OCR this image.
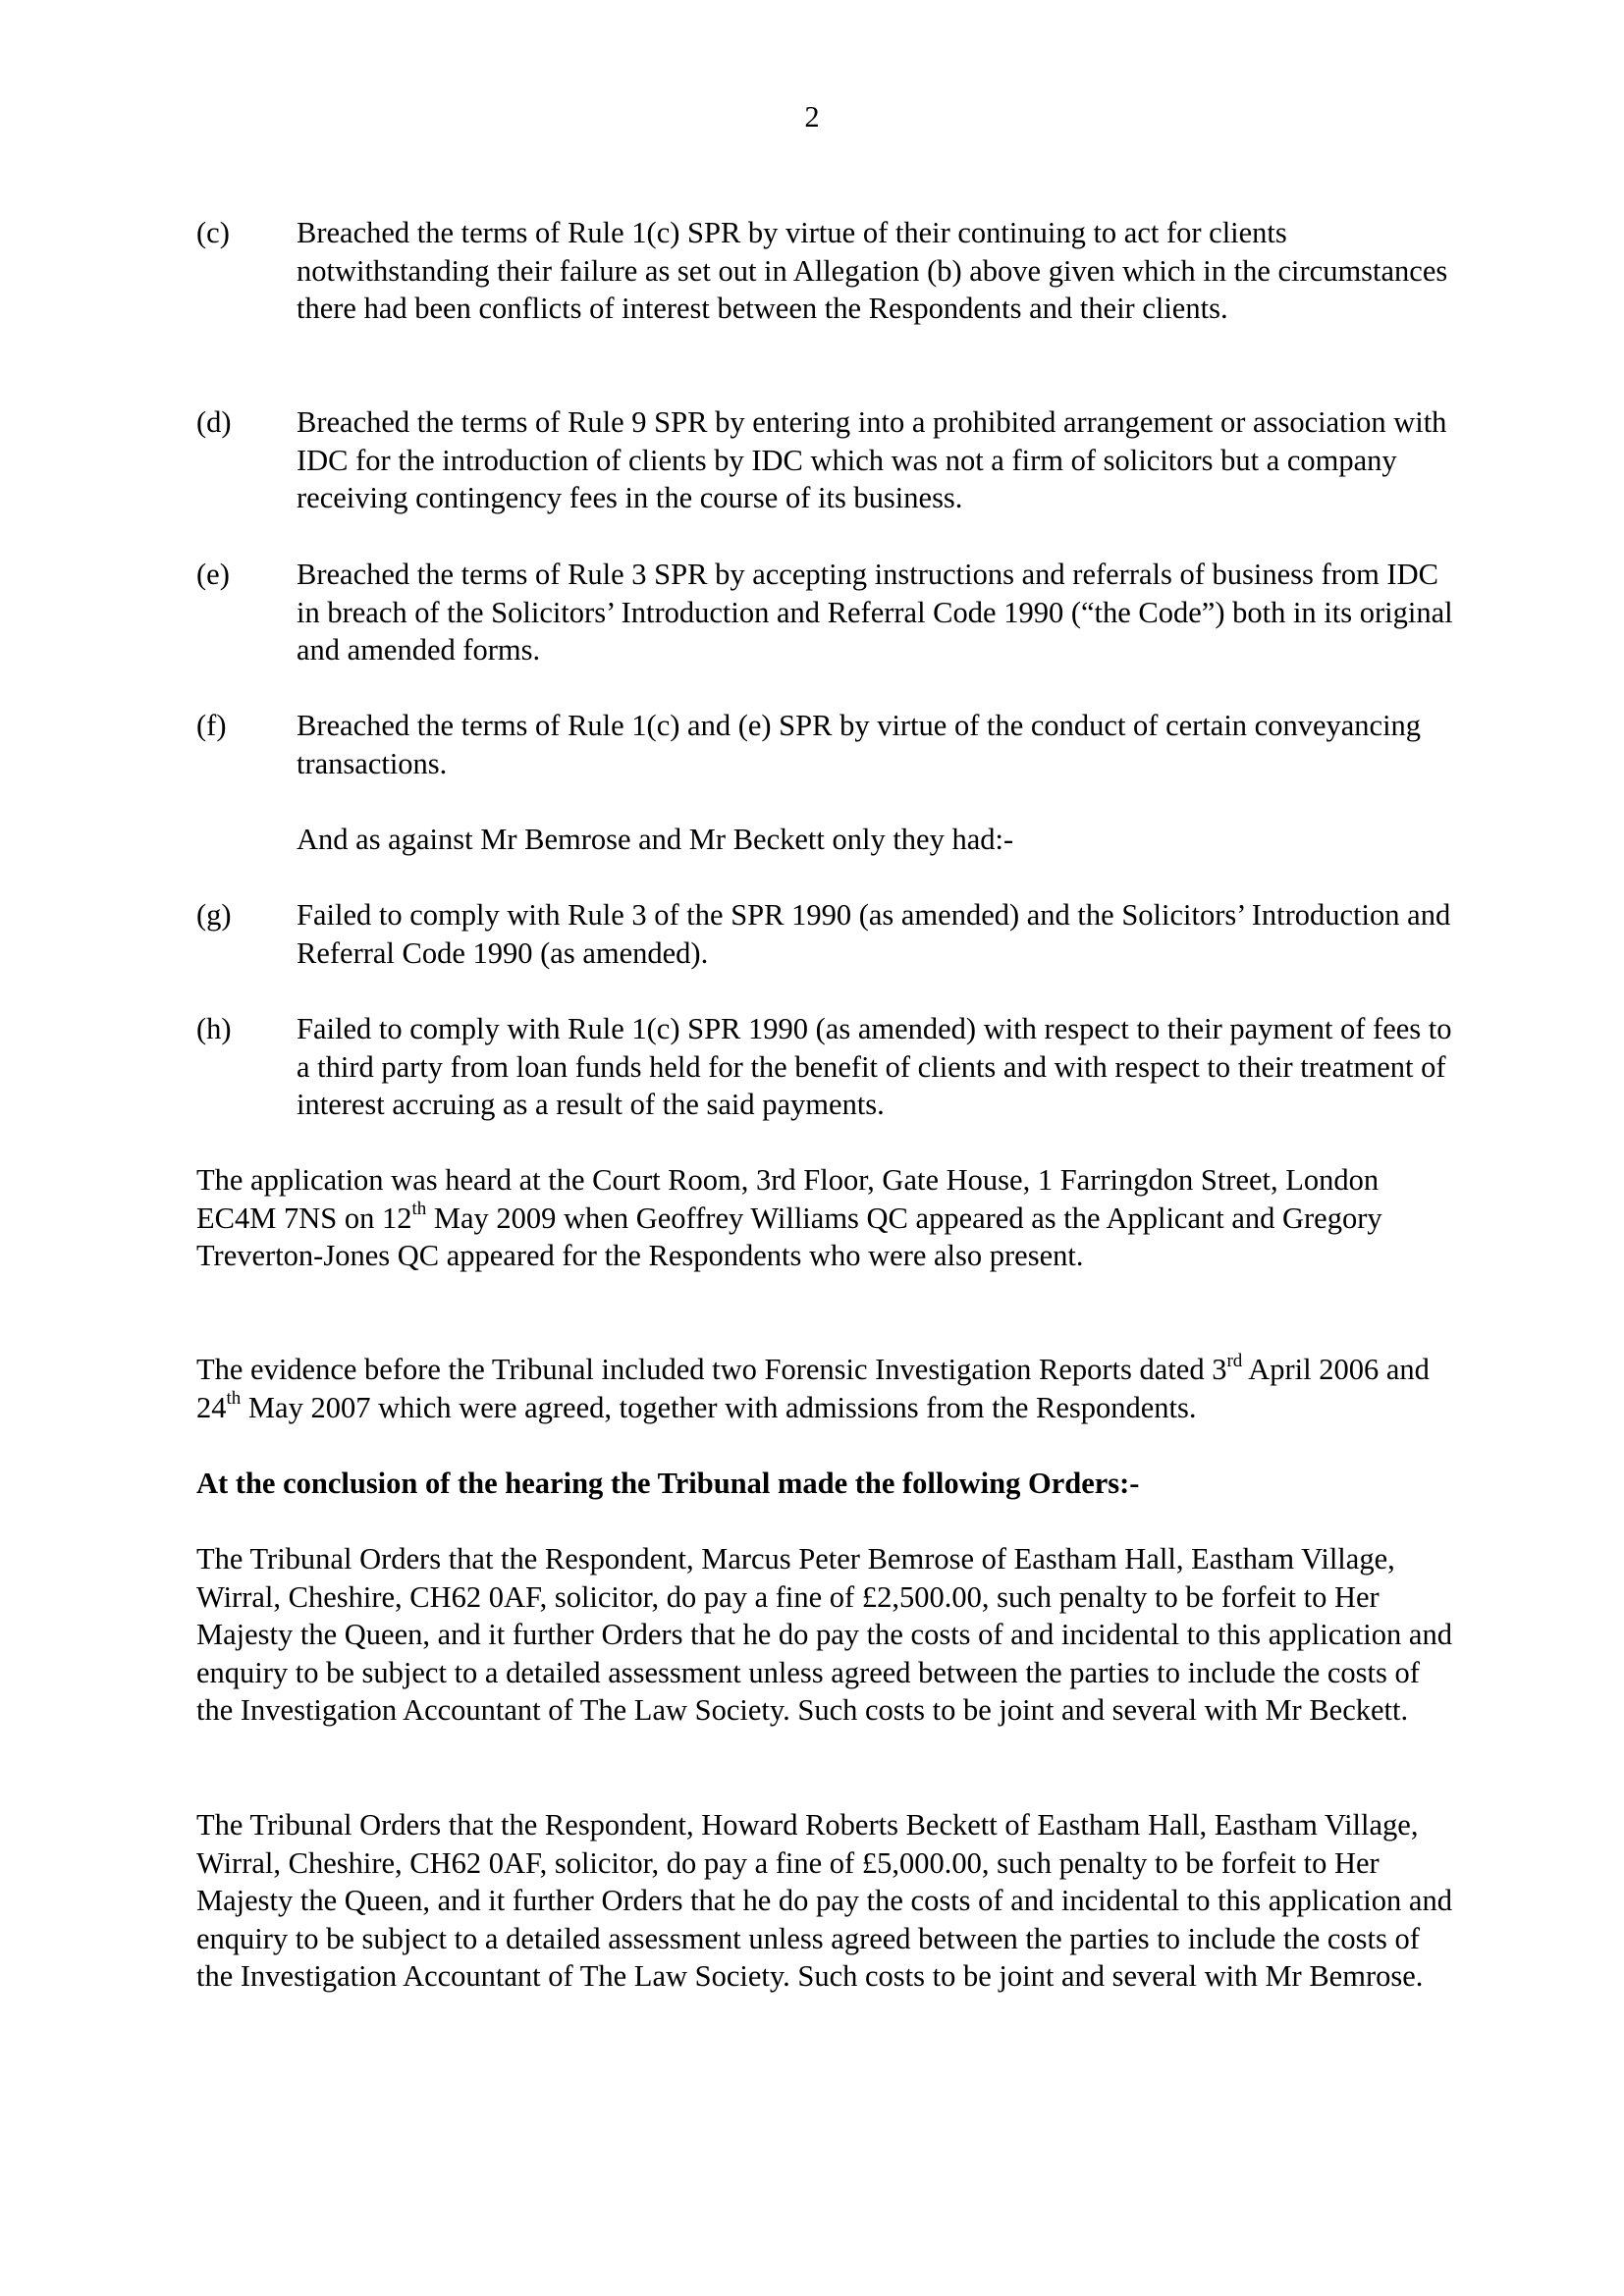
2

(c) Breached the terms of Rule 1(c) SPR by virtue of their continuing to act for clients notwithstanding their failure as set out in Allegation (b) above given which in the circumstances there had been conflicts of interest between the Respondents and their clients.
(d) Breached the terms of Rule 9 SPR by entering into a prohibited arrangement or association with IDC for the introduction of clients by IDC which was not a firm of solicitors but a company receiving contingency fees in the course of its business.
(e) Breached the terms of Rule 3 SPR by accepting instructions and referrals of business from IDC in breach of the Solicitors’ Introduction and Referral Code 1990 (“the Code”) both in its original and amended forms.
(f) Breached the terms of Rule 1(c) and (e) SPR by virtue of the conduct of certain conveyancing transactions.

And as against Mr Bemrose and Mr Beckett only they had:-

(g) Failed to comply with Rule 3 of the SPR 1990 (as amended) and the Solicitors’ Introduction and Referral Code 1990 (as amended).
(h) Failed to comply with Rule 1(c) SPR 1990 (as amended) with respect to their payment of fees to a third party from loan funds held for the benefit of clients and with respect to their treatment of interest accruing as a result of the said payments.

The application was heard at the Court Room, 3rd Floor, Gate House, 1 Farringdon Street, London EC4M 7NS on 12th May 2009 when Geoffrey Williams QC appeared as the Applicant and Gregory Treverton-Jones QC appeared for the Respondents who were also present.

The evidence before the Tribunal included two Forensic Investigation Reports dated 3rd April 2006 and 24th May 2007 which were agreed, together with admissions from the Respondents.

At the conclusion of the hearing the Tribunal made the following Orders:-

The Tribunal Orders that the Respondent, Marcus Peter Bemrose of Eastham Hall, Eastham Village, Wirral, Cheshire, CH62 0AF, solicitor, do pay a fine of £2,500.00, such penalty to be forfeit to Her Majesty the Queen, and it further Orders that he do pay the costs of and incidental to this application and enquiry to be subject to a detailed assessment unless agreed between the parties to include the costs of the Investigation Accountant of The Law Society. Such costs to be joint and several with Mr Beckett.

The Tribunal Orders that the Respondent, Howard Roberts Beckett of Eastham Hall, Eastham Village, Wirral, Cheshire, CH62 0AF, solicitor, do pay a fine of £5,000.00, such penalty to be forfeit to Her Majesty the Queen, and it further Orders that he do pay the costs of and incidental to this application and enquiry to be subject to a detailed assessment unless agreed between the parties to include the costs of the Investigation Accountant of The Law Society. Such costs to be joint and several with Mr Bemrose.
